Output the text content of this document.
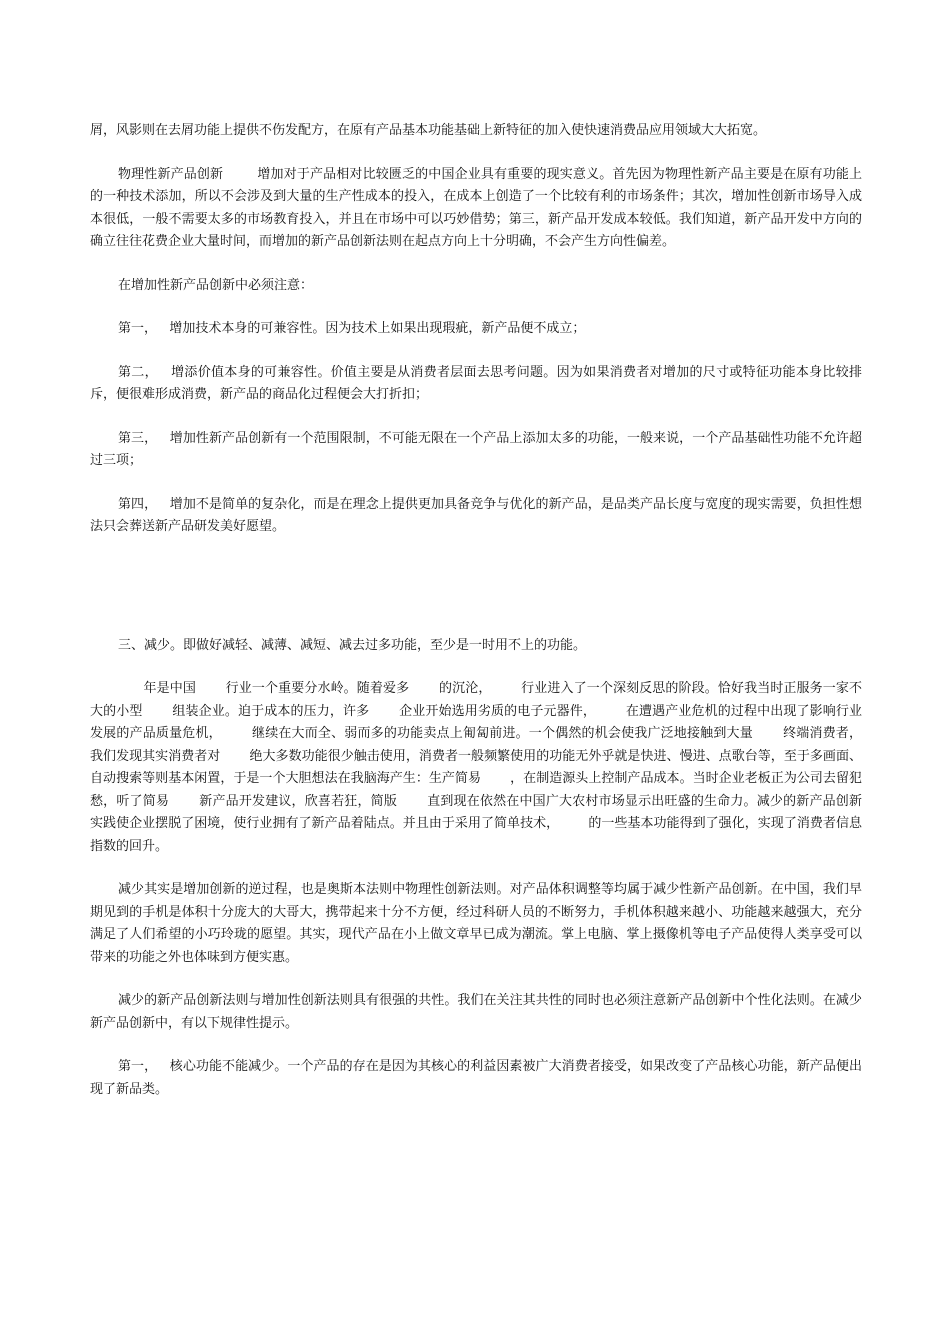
屑，风影则在去屑功能上提供不伤发配方，在原有产品基本功能基础上新特征的加入使快速消费品应用领域大大拓宽。

物理性新产品创新        增加对于产品相对比较匮乏的中国企业具有重要的现实意义。首先因为物理性新产品主要是在原有功能上的一种技术添加，所以不会涉及到大量的生产性成本的投入，在成本上创造了一个比较有利的市场条件；其次，增加性创新市场导入成本很低，一般不需要太多的市场教育投入，并且在市场中可以巧妙借势；第三，新产品开发成本较低。我们知道，新产品开发中方向的确立往往花费企业大量时间，而增加的新产品创新法则在起点方向上十分明确，不会产生方向性偏差。

在增加性新产品创新中必须注意：

第一，   增加技术本身的可兼容性。因为技术上如果出现瑕疵，新产品便不成立；

第二，   增添价值本身的可兼容性。价值主要是从消费者层面去思考问题。因为如果消费者对增加的尺寸或特征功能本身比较排斥，便很难形成消费，新产品的商品化过程便会大打折扣；

第三，   增加性新产品创新有一个范围限制，不可能无限在一个产品上添加太多的功能，一般来说，一个产品基础性功能不允许超过三项；

第四，   增加不是简单的复杂化，而是在理念上提供更加具备竞争与优化的新产品，是品类产品长度与宽度的现实需要，负担性想法只会葬送新产品研发美好愿望。

三、减少。即做好减轻、减薄、减短、减去过多功能，至少是一时用不上的功能。

年是中国       行业一个重要分水岭。随着爱多       的沉沦，       行业进入了一个深刻反思的阶段。恰好我当时正服务一家不大的小型       组装企业。迫于成本的压力，许多       企业开始选用劣质的电子元器件，       在遭遇产业危机的过程中出现了影响行业发展的产品质量危机，       继续在大而全、弱而多的功能卖点上匍匐前进。一个偶然的机会使我广泛地接触到大量       终端消费者，我们发现其实消费者对       绝大多数功能很少触击使用，消费者一般频繁使用的功能无外乎就是快进、慢进、点歌台等，至于多画面、自动搜索等则基本闲置，于是一个大胆想法在我脑海产生：生产简易       ，在制造源头上控制产品成本。当时企业老板正为公司去留犯愁，听了简易       新产品开发建议，欣喜若狂，简版       直到现在依然在中国广大农村市场显示出旺盛的生命力。减少的新产品创新实践使企业摆脱了困境，使行业拥有了新产品着陆点。并且由于采用了简单技术，       的一些基本功能得到了强化，实现了消费者信息指数的回升。

减少其实是增加创新的逆过程，也是奥斯本法则中物理性创新法则。对产品体积调整等均属于减少性新产品创新。在中国，我们早期见到的手机是体积十分庞大的大哥大，携带起来十分不方便，经过科研人员的不断努力，手机体积越来越小、功能越来越强大，充分满足了人们希望的小巧玲珑的愿望。其实，现代产品在小上做文章早已成为潮流。掌上电脑、掌上摄像机等电子产品使得人类享受可以带来的功能之外也体味到方便实惠。

减少的新产品创新法则与增加性创新法则具有很强的共性。我们在关注其共性的同时也必须注意新产品创新中个性化法则。在减少新产品创新中，有以下规律性提示。

第一，   核心功能不能减少。一个产品的存在是因为其核心的利益因素被广大消费者接受，如果改变了产品核心功能，新产品便出现了新品类。
